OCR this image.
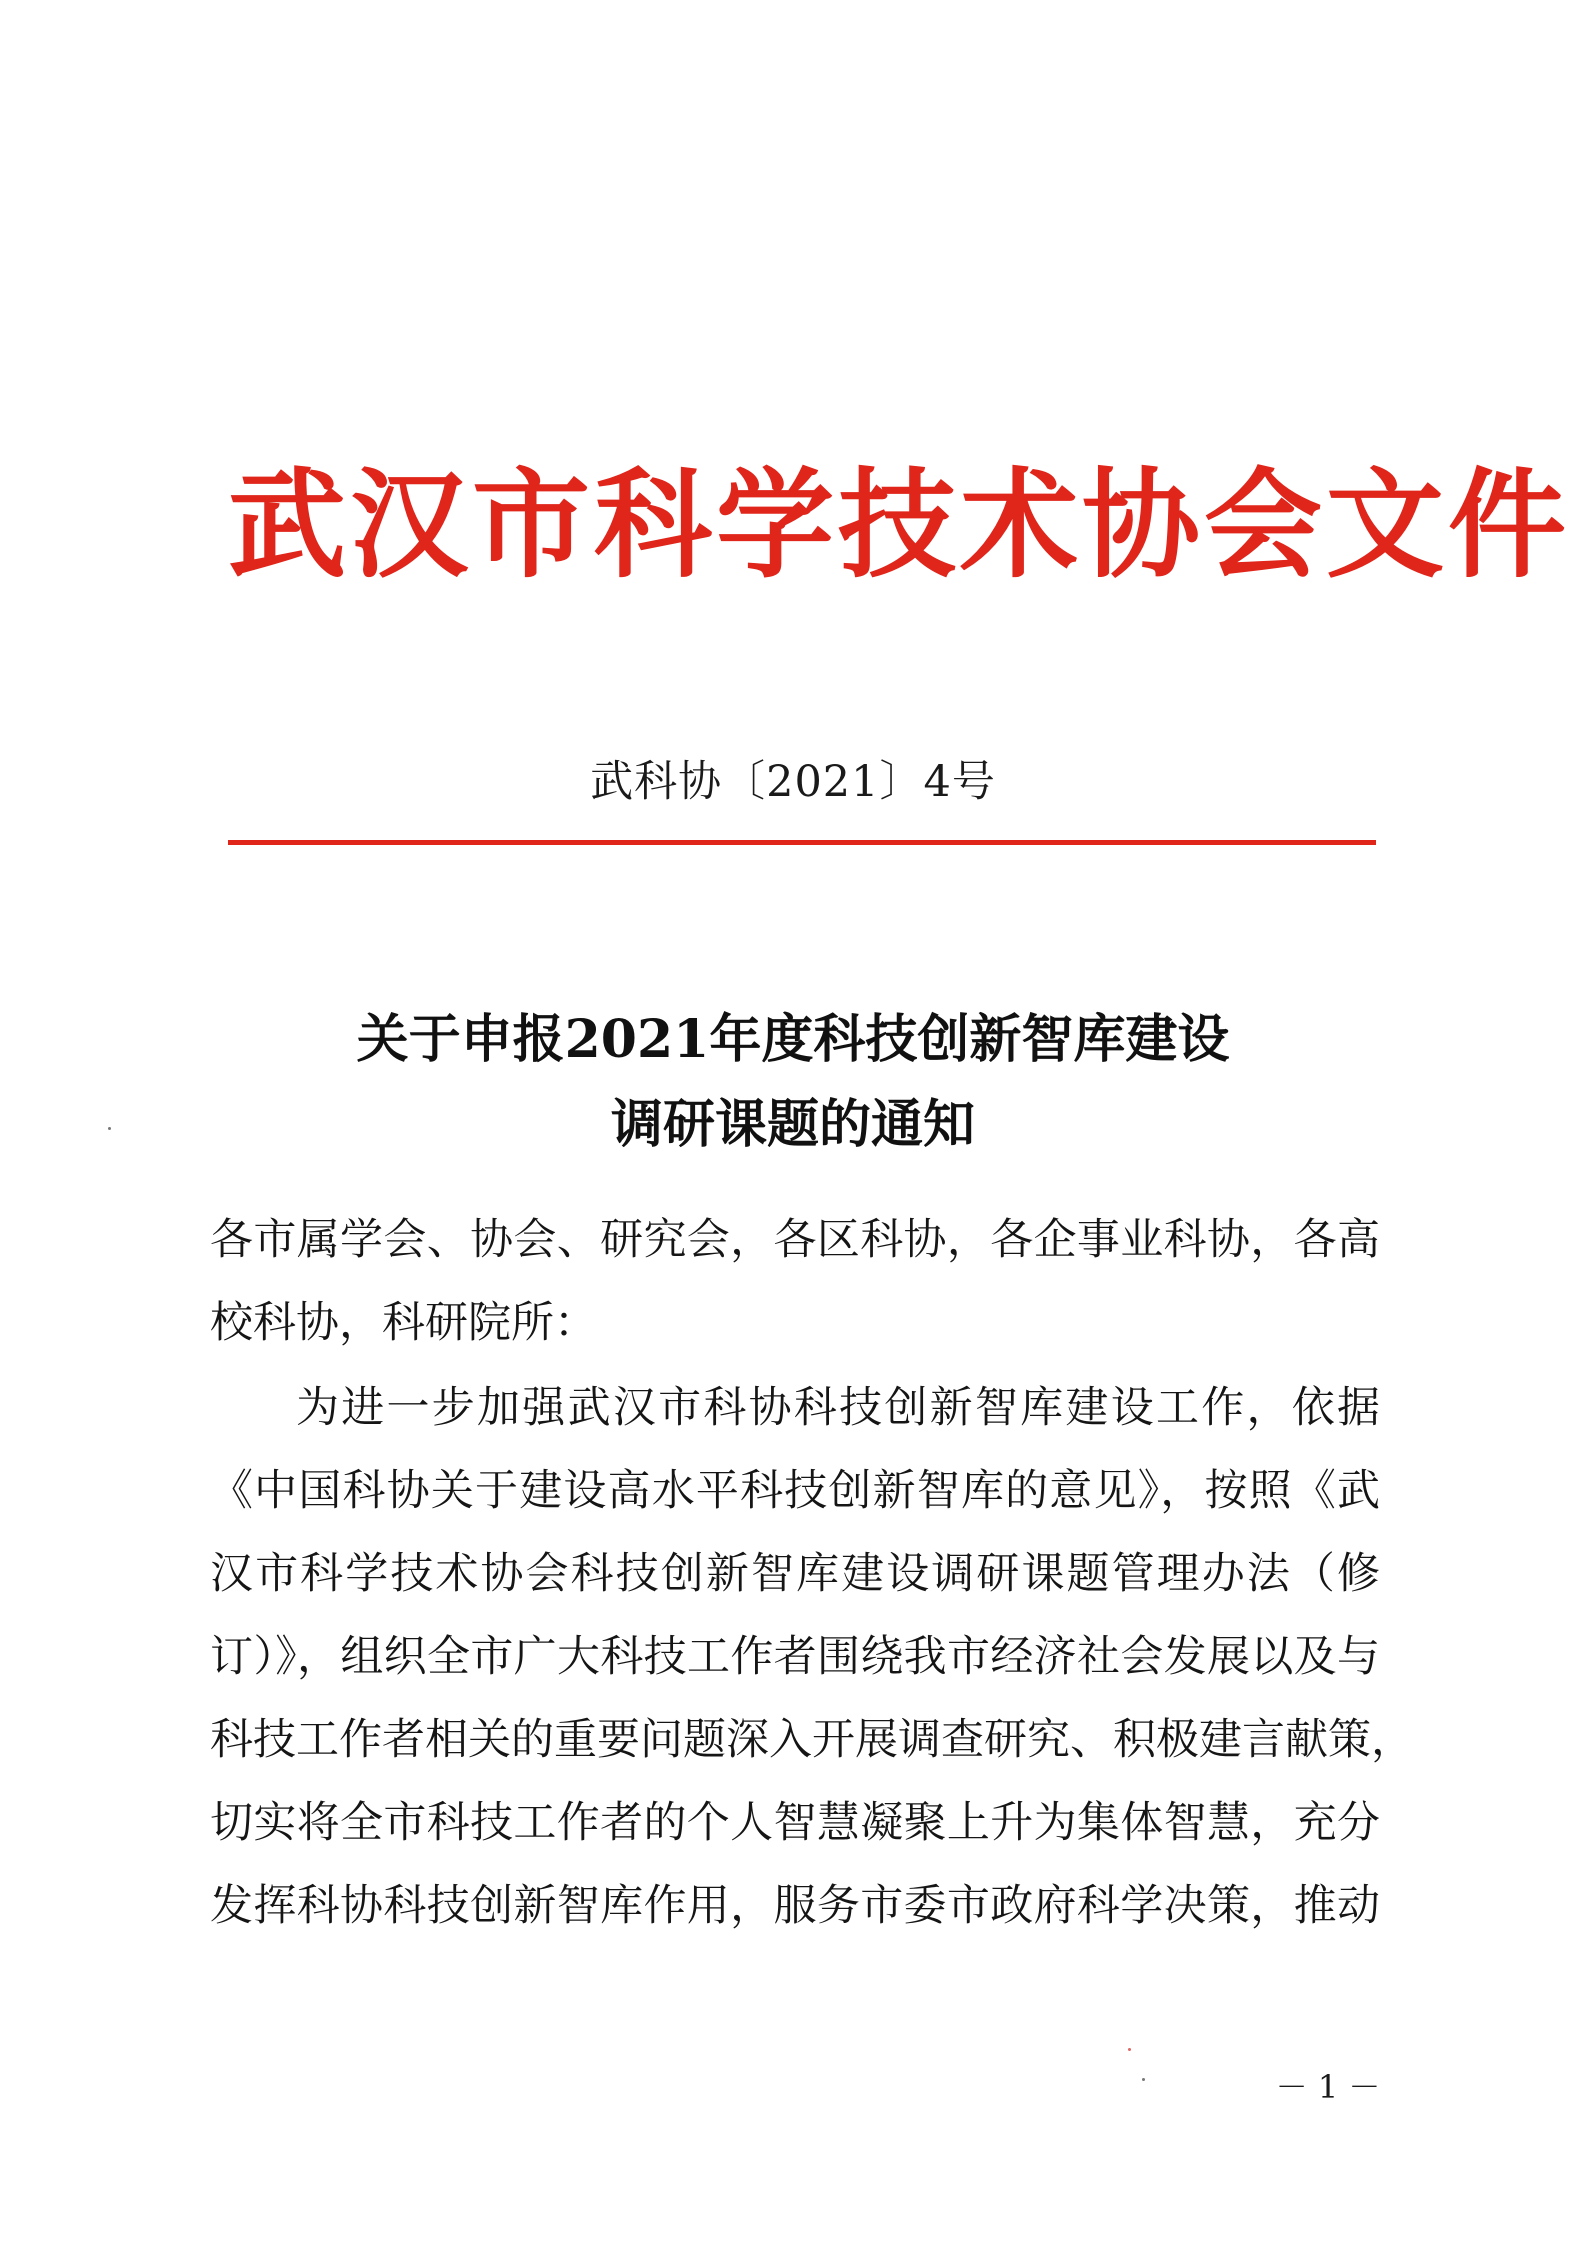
武汉市科学技术协会文件
武科协〔2021〕4号
关于申报2021年度科技创新智库建设
调研课题的通知
各市属学会、协会、研究会，各区科协，各企事业科协，各高
校科协，科研院所：
为进一步加强武汉市科协科技创新智库建设工作，依据
《中国科协关于建设高水平科技创新智库的意见》，按照《武
汉市科学技术协会科技创新智库建设调研课题管理办法（修
订）》，组织全市广大科技工作者围绕我市经济社会发展以及与
科技工作者相关的重要问题深入开展调查研究、积极建言献策，
切实将全市科技工作者的个人智慧凝聚上升为集体智慧，充分
发挥科协科技创新智库作用，服务市委市政府科学决策，推动
－ 1 －
